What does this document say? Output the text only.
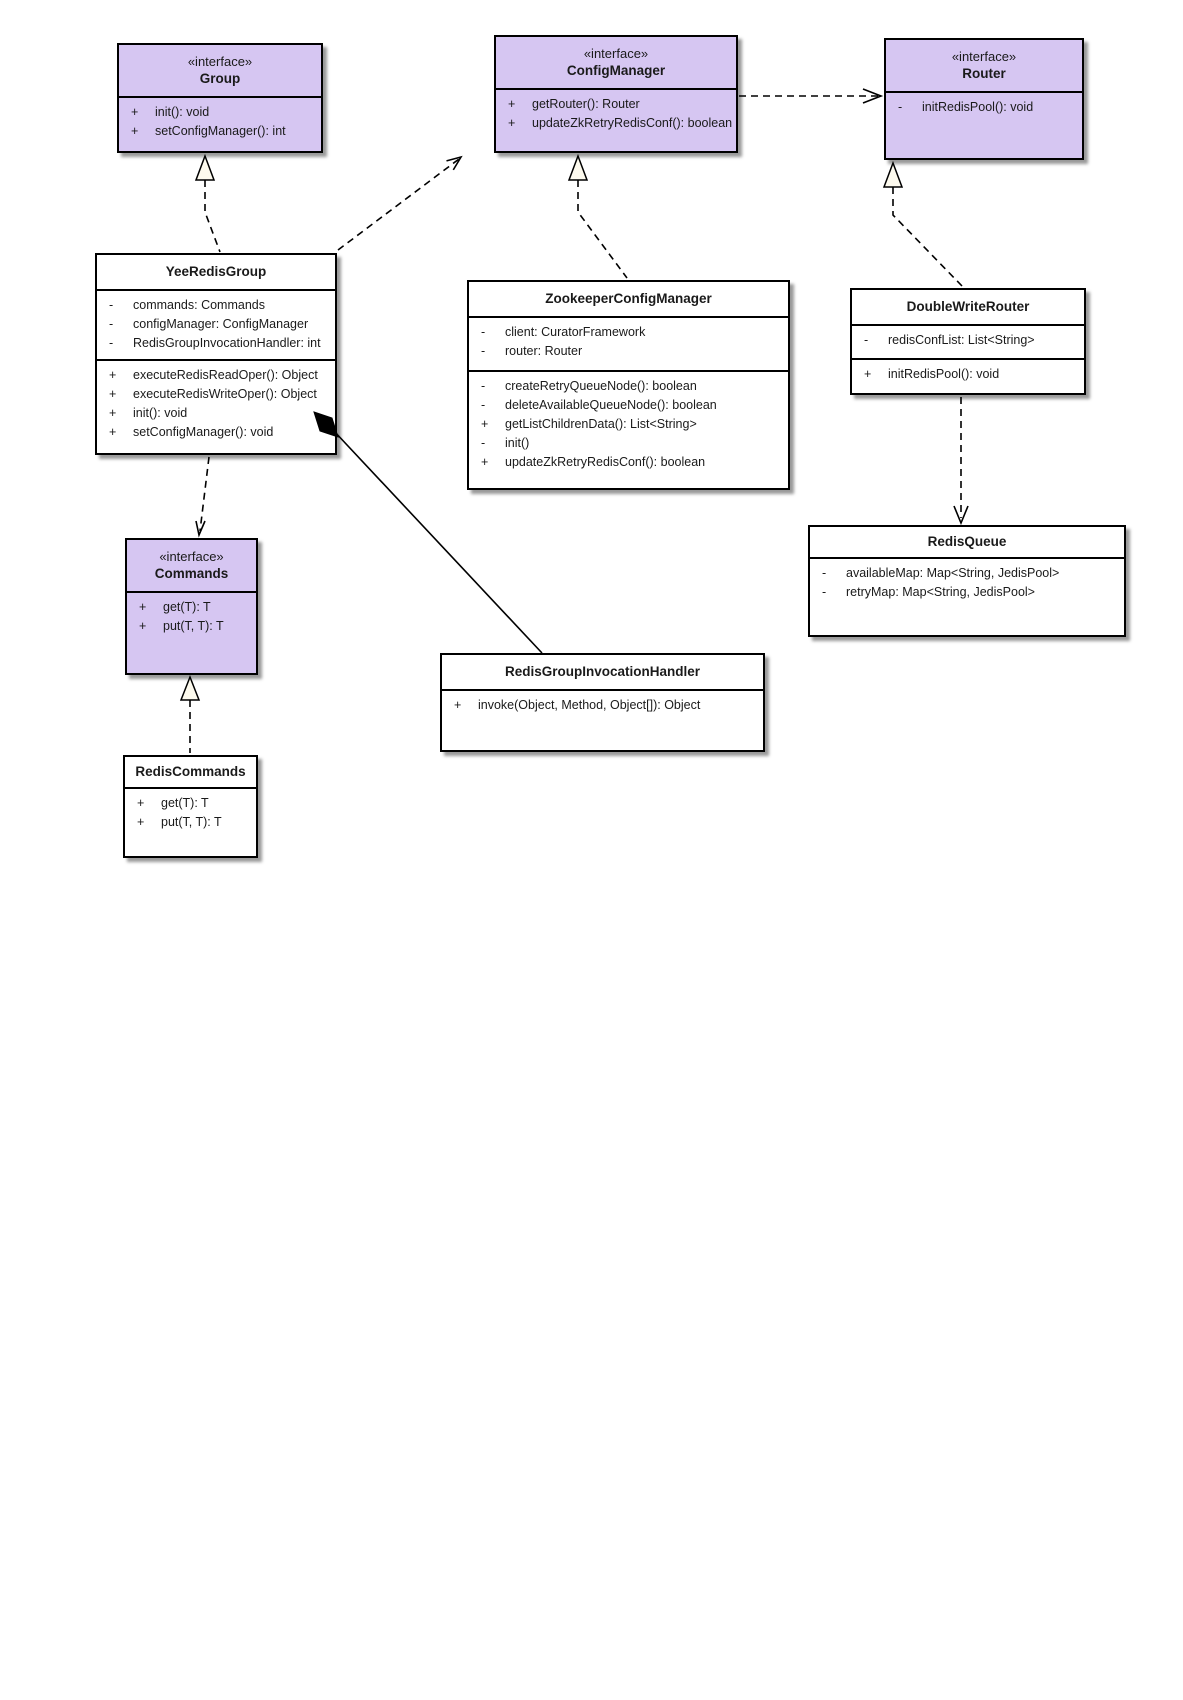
«interface»
Group
+	init(): void
+	setConfigManager(): int
«interface»
ConfigManager
+	getRouter(): Router
+	updateZkRetryRedisConf(): boolean
«interface»
Router
-	initRedisPool(): void
YeeRedisGroup
-	commands: Commands
-	configManager: ConfigManager
-	RedisGroupInvocationHandler: int
+	executeRedisReadOper(): Object
+	executeRedisWriteOper(): Object
+	init(): void
+	setConfigManager(): void
ZookeeperConfigManager
-	client: CuratorFramework
-	router: Router
-	createRetryQueueNode(): boolean
-	deleteAvailableQueueNode(): boolean
+	getListChildrenData(): List<String>
-	init()
+	updateZkRetryRedisConf(): boolean
DoubleWriteRouter
-	redisConfList: List<String>
+	initRedisPool(): void
RedisQueue
-	availableMap: Map<String, JedisPool>
-	retryMap: Map<String, JedisPool>
«interface»
Commands
+	get(T): T
+	put(T, T): T
RedisGroupInvocationHandler
+	invoke(Object, Method, Object[]): Object
RedisCommands
+	get(T): T
+	put(T, T): T
